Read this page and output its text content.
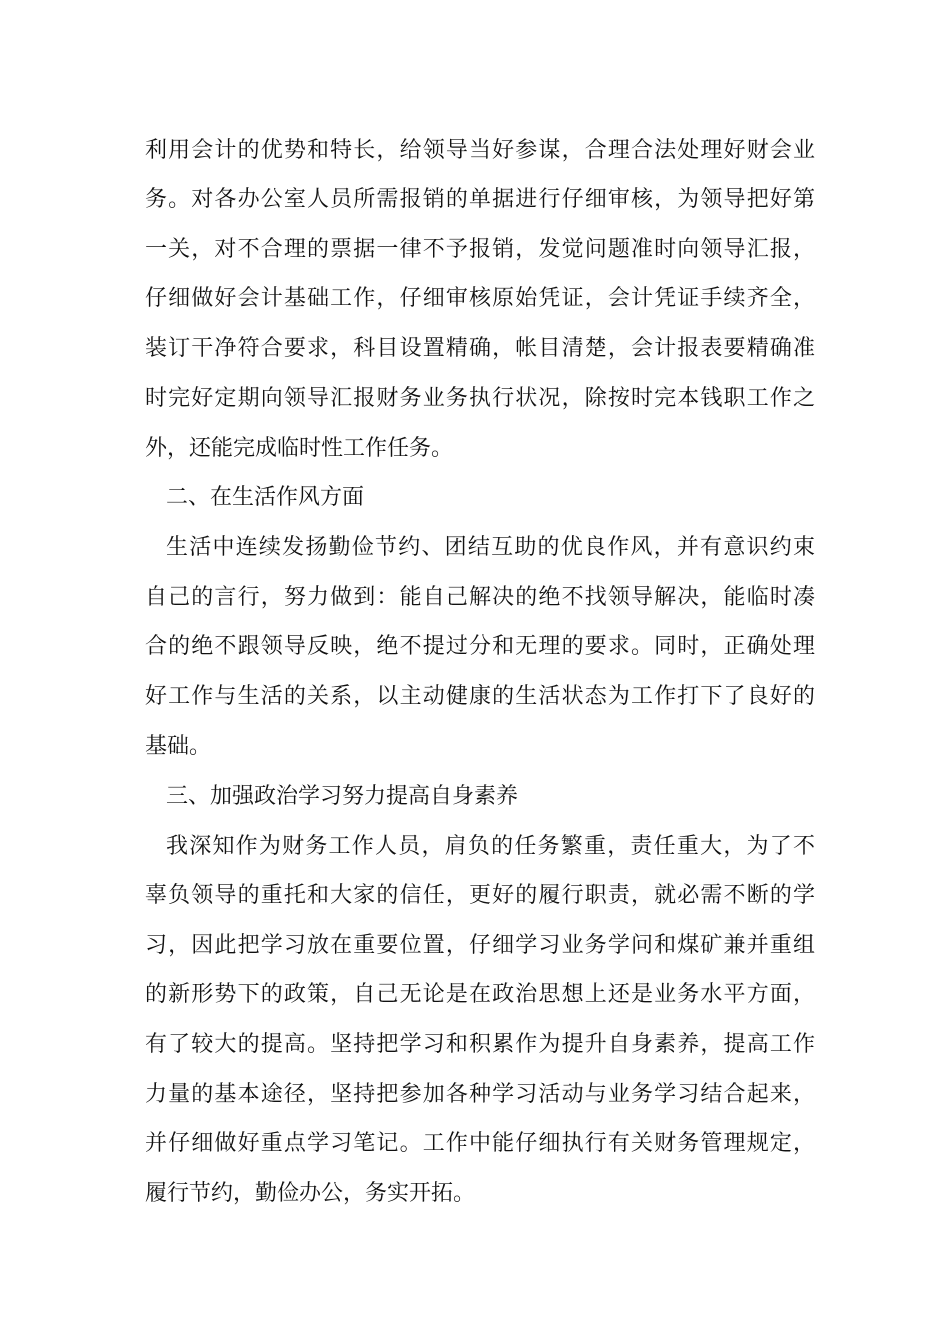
利用会计的优势和特长，给领导当好参谋，合理合法处理好财会业
务。对各办公室人员所需报销的单据进行仔细审核，为领导把好第
一关，对不合理的票据一律不予报销，发觉问题准时向领导汇报，
仔细做好会计基础工作，仔细审核原始凭证，会计凭证手续齐全，
装订干净符合要求，科目设置精确，帐目清楚，会计报表要精确准
时完好定期向领导汇报财务业务执行状况，除按时完本钱职工作之
外，还能完成临时性工作任务。
二、在生活作风方面
生活中连续发扬勤俭节约、团结互助的优良作风，并有意识约束
自己的言行，努力做到：能自己解决的绝不找领导解决，能临时凑
合的绝不跟领导反映，绝不提过分和无理的要求。同时，正确处理
好工作与生活的关系，以主动健康的生活状态为工作打下了良好的
基础。
三、加强政治学习努力提高自身素养
我深知作为财务工作人员，肩负的任务繁重，责任重大，为了不
辜负领导的重托和大家的信任，更好的履行职责，就必需不断的学
习，因此把学习放在重要位置，仔细学习业务学问和煤矿兼并重组
的新形势下的政策，自己无论是在政治思想上还是业务水平方面，
有了较大的提高。坚持把学习和积累作为提升自身素养，提高工作
力量的基本途径，坚持把参加各种学习活动与业务学习结合起来，
并仔细做好重点学习笔记。工作中能仔细执行有关财务管理规定，
履行节约，勤俭办公，务实开拓。
